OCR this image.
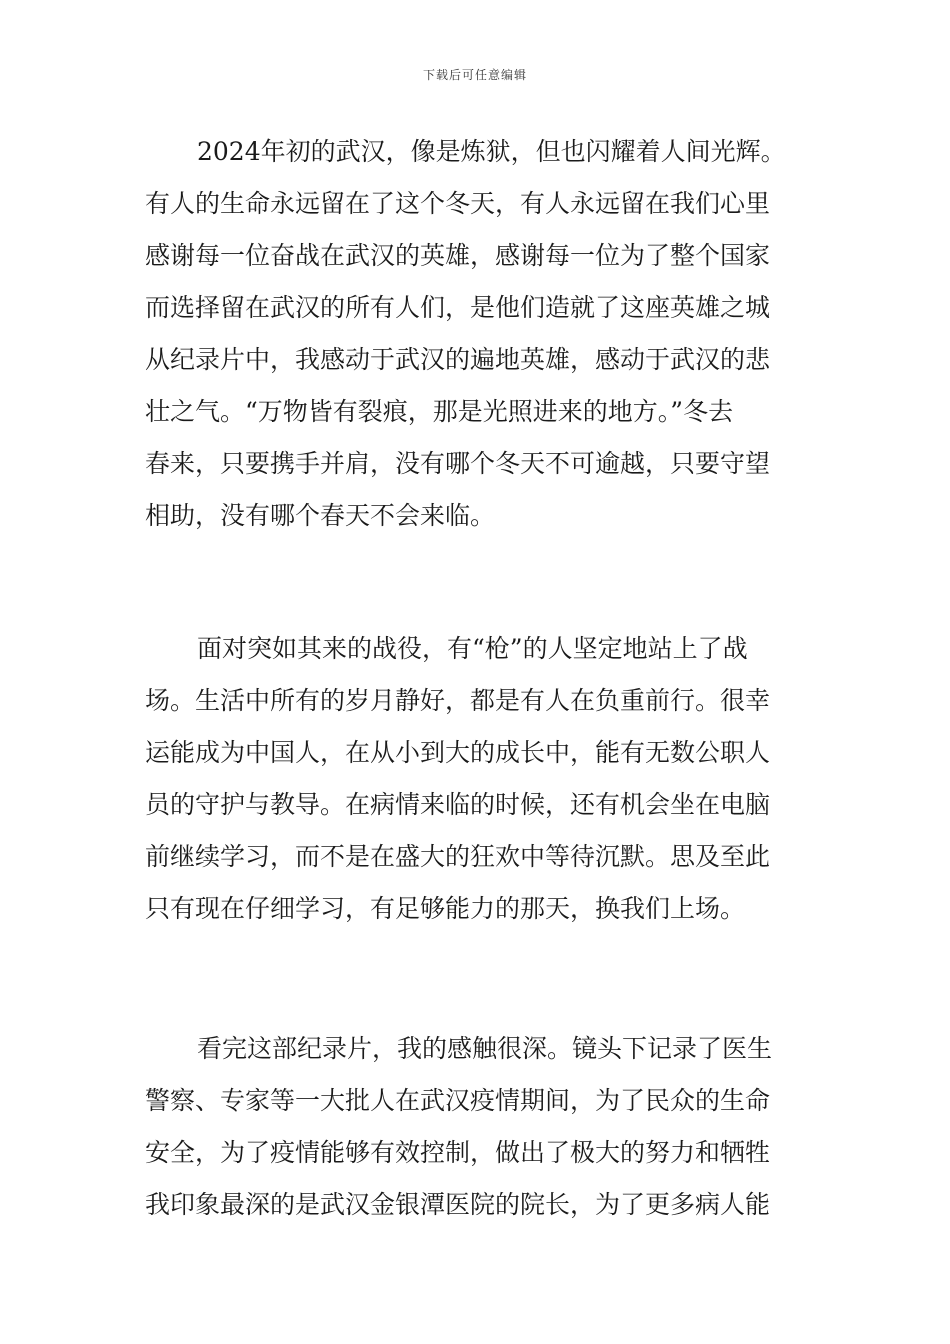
下载后可任意编辑
2024年初的武汉，像是炼狱，但也闪耀着人间光辉。
有人的生命永远留在了这个冬天，有人永远留在我们心里
感谢每一位奋战在武汉的英雄，感谢每一位为了整个国家
而选择留在武汉的所有人们，是他们造就了这座英雄之城
从纪录片中，我感动于武汉的遍地英雄，感动于武汉的悲
壮之气。“万物皆有裂痕，那是光照进来的地方。”冬去
春来，只要携手并肩，没有哪个冬天不可逾越，只要守望
相助，没有哪个春天不会来临。
面对突如其来的战役，有“枪”的人坚定地站上了战
场。生活中所有的岁月静好，都是有人在负重前行。很幸
运能成为中国人，在从小到大的成长中，能有无数公职人
员的守护与教导。在病情来临的时候，还有机会坐在电脑
前继续学习，而不是在盛大的狂欢中等待沉默。思及至此
只有现在仔细学习，有足够能力的那天，换我们上场。
看完这部纪录片，我的感触很深。镜头下记录了医生
警察、专家等一大批人在武汉疫情期间，为了民众的生命
安全，为了疫情能够有效控制，做出了极大的努力和牺牲
我印象最深的是武汉金银潭医院的院长，为了更多病人能
